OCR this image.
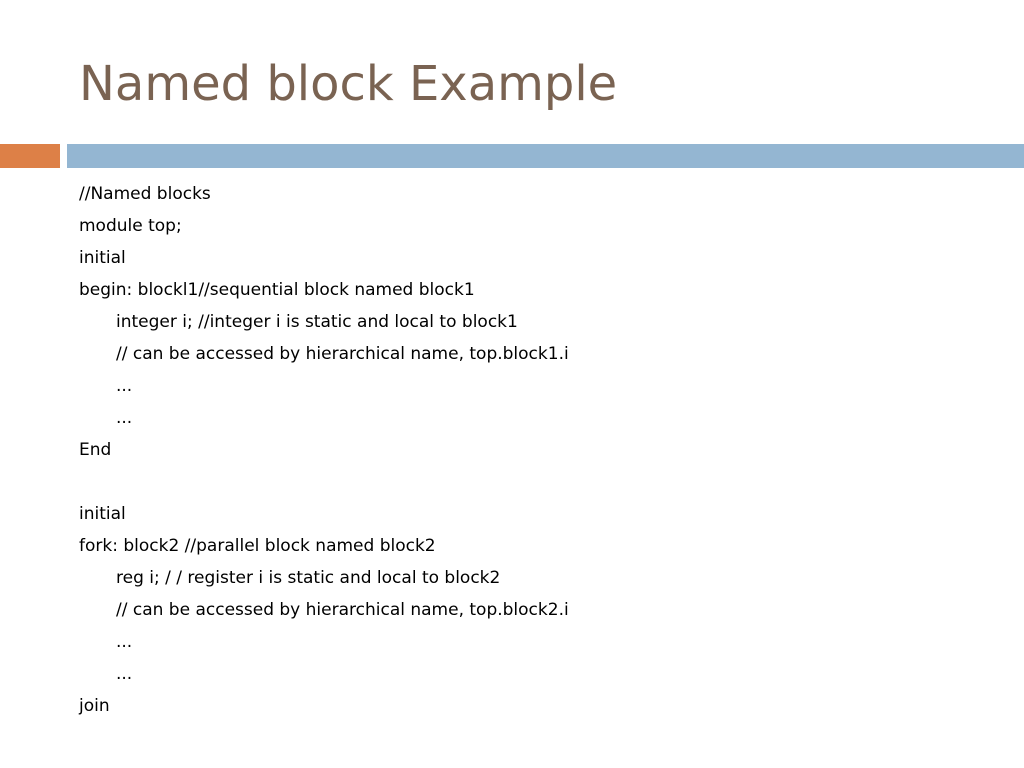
Named block Example
//Named blocks
module top;
initial
begin: blockl1//sequential block named block1
integer i; //integer i is static and local to block1
// can be accessed by hierarchical name, top.block1.i
...
...
End
initial
fork: block2 //parallel block named block2
reg i; / / register i is static and local to block2
// can be accessed by hierarchical name, top.block2.i
...
...
join
